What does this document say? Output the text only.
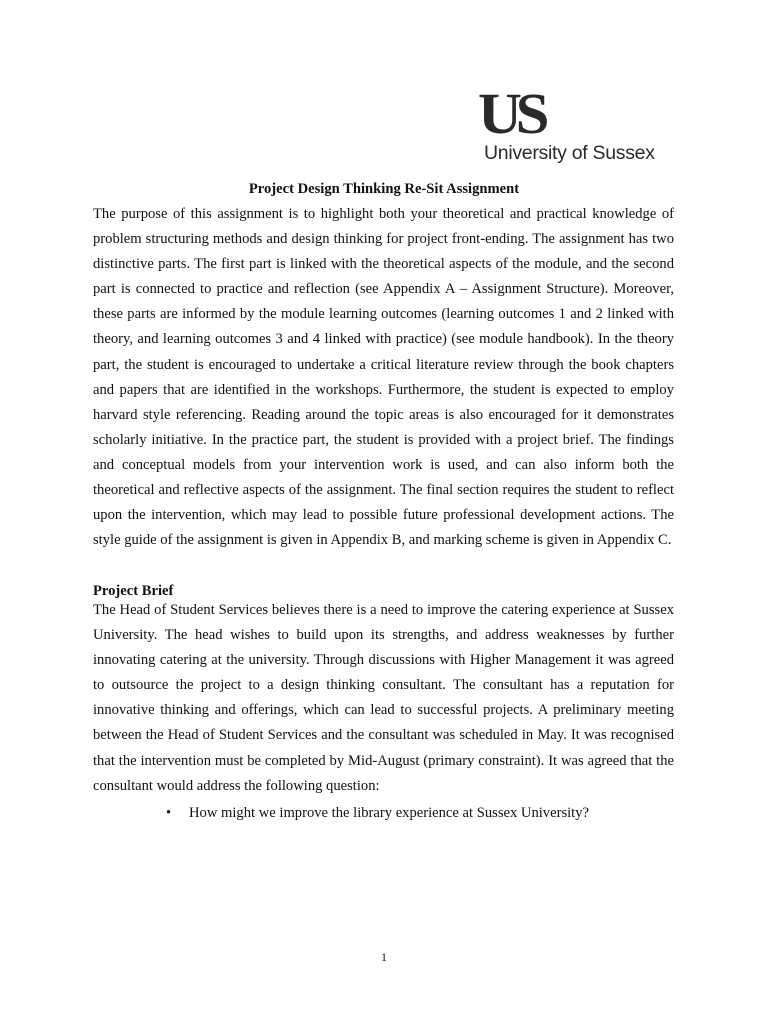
US
University of Sussex
Project Design Thinking Re-Sit Assignment

The purpose of this assignment is to highlight both your theoretical and practical knowledge of problem structuring methods and design thinking for project front-ending. The assignment has two distinctive parts. The first part is linked with the theoretical aspects of the module, and the second part is connected to practice and reflection (see Appendix A – Assignment Structure). Moreover, these parts are informed by the module learning outcomes (learning outcomes 1 and 2 linked with theory, and learning outcomes 3 and 4 linked with practice) (see module handbook). In the theory part, the student is encouraged to undertake a critical literature review through the book chapters and papers that are identified in the workshops. Furthermore, the student is expected to employ harvard style referencing. Reading around the topic areas is also encouraged for it demonstrates scholarly initiative. In the practice part, the student is provided with a project brief. The findings and conceptual models from your intervention work is used, and can also inform both the theoretical and reflective aspects of the assignment. The final section requires the student to reflect upon the intervention, which may lead to possible future professional development actions. The style guide of the assignment is given in Appendix B, and marking scheme is given in Appendix C.

Project Brief

The Head of Student Services believes there is a need to improve the catering experience at Sussex University. The head wishes to build upon its strengths, and address weaknesses by further innovating catering at the university. Through discussions with Higher Management it was agreed to outsource the project to a design thinking consultant. The consultant has a reputation for innovative thinking and offerings, which can lead to successful projects. A preliminary meeting between the Head of Student Services and the consultant was scheduled in May. It was recognised that the intervention must be completed by Mid-August (primary constraint). It was agreed that the consultant would address the following question:

• How might we improve the library experience at Sussex University?
1
